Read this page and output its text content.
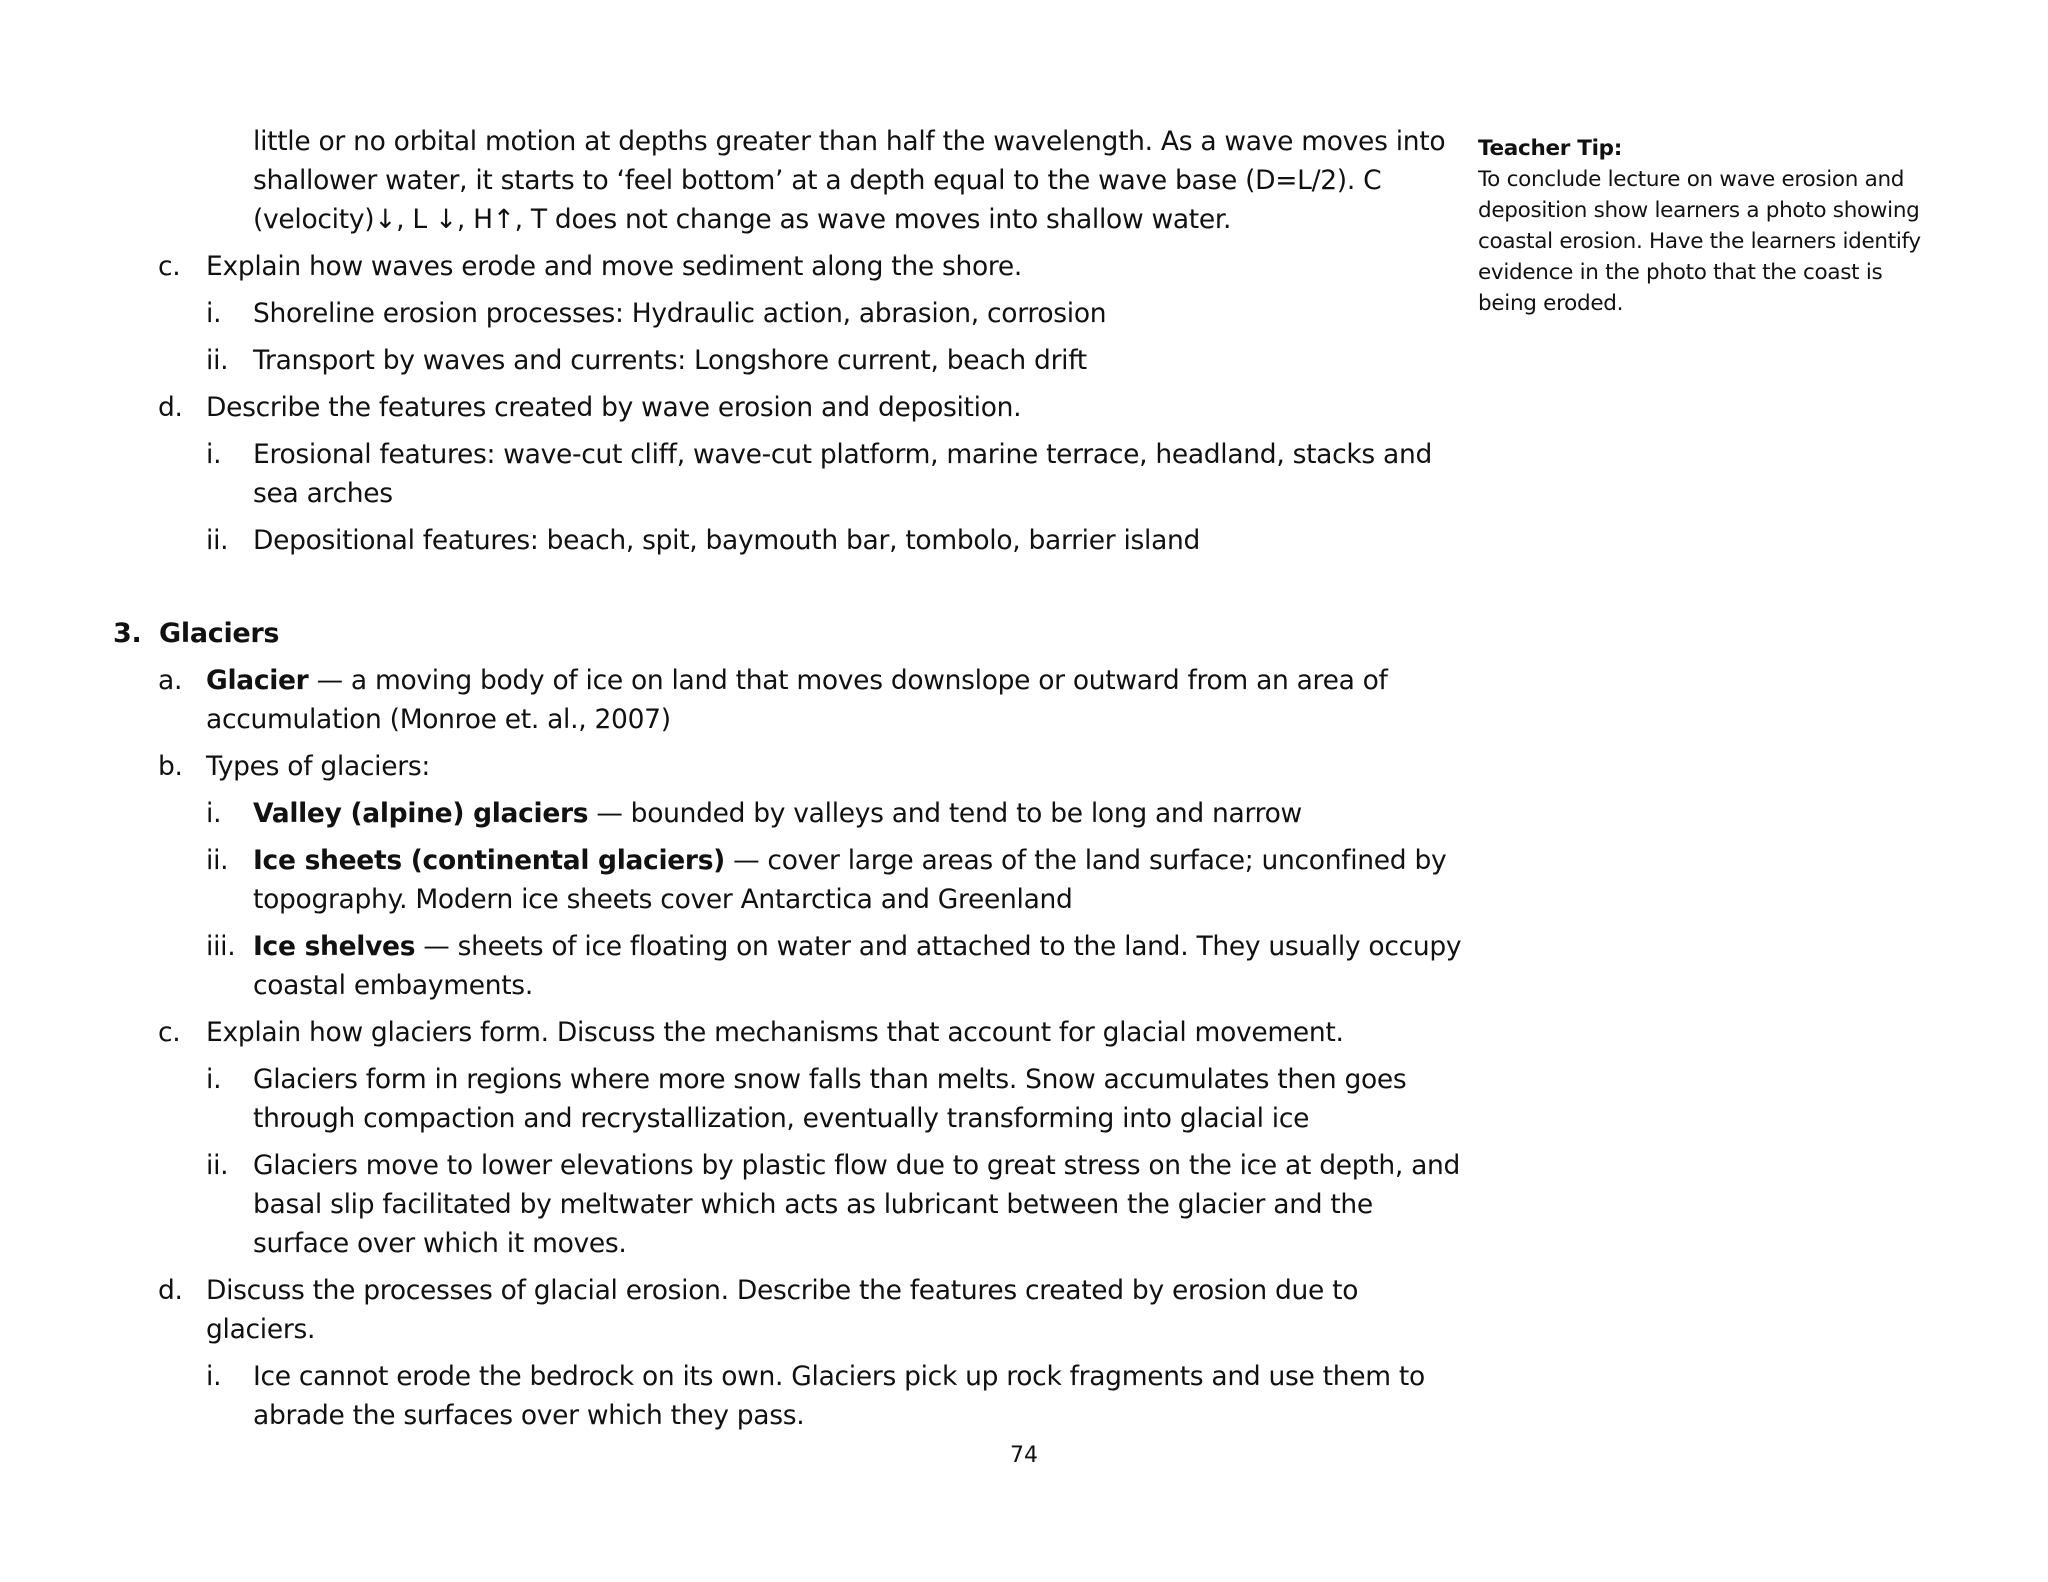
little or no orbital motion at depths greater than half the wavelength. As a wave moves into
shallower water, it starts to ‘feel bottom’ at a depth equal to the wave base (D=L/2). C
(velocity)↓, L ↓, H↑, T does not change as wave moves into shallow water.
c. Explain how waves erode and move sediment along the shore.
i. Shoreline erosion processes: Hydraulic action, abrasion, corrosion
ii. Transport by waves and currents: Longshore current, beach drift
d. Describe the features created by wave erosion and deposition.
i. Erosional features: wave-cut cliff, wave-cut platform, marine terrace, headland, stacks and
sea arches
ii. Depositional features: beach, spit, baymouth bar, tombolo, barrier island
3. Glaciers
a. Glacier — a moving body of ice on land that moves downslope or outward from an area of
accumulation (Monroe et. al., 2007)
b. Types of glaciers:
i. Valley (alpine) glaciers — bounded by valleys and tend to be long and narrow
ii. Ice sheets (continental glaciers) — cover large areas of the land surface; unconfined by
topography. Modern ice sheets cover Antarctica and Greenland
iii. Ice shelves — sheets of ice floating on water and attached to the land. They usually occupy
coastal embayments.
c. Explain how glaciers form. Discuss the mechanisms that account for glacial movement.
i. Glaciers form in regions where more snow falls than melts. Snow accumulates then goes
through compaction and recrystallization, eventually transforming into glacial ice
ii. Glaciers move to lower elevations by plastic flow due to great stress on the ice at depth, and
basal slip facilitated by meltwater which acts as lubricant between the glacier and the
surface over which it moves.
d. Discuss the processes of glacial erosion. Describe the features created by erosion due to
glaciers.
i. Ice cannot erode the bedrock on its own. Glaciers pick up rock fragments and use them to
abrade the surfaces over which they pass.
Teacher Tip:
To conclude lecture on wave erosion and
deposition show learners a photo showing
coastal erosion. Have the learners identify
evidence in the photo that the coast is
being eroded.
74
